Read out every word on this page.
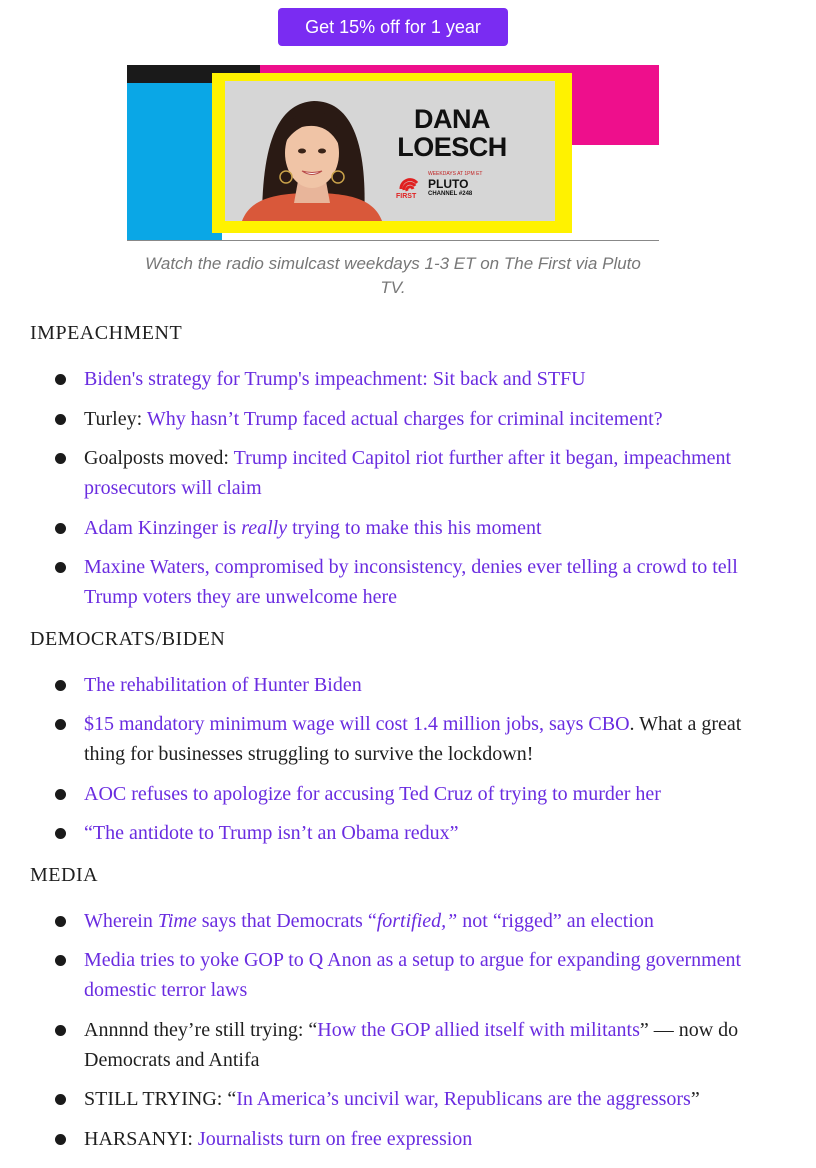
Get 15% off for 1 year
DANA
LOESCH
FIRST
WEEKDAYS AT 1PM ET
PLUTO
CHANNEL #248
Watch the radio simulcast weekdays 1-3 ET on The First via Pluto TV.
IMPEACHMENT
Biden's strategy for Trump's impeachment: Sit back and STFU
Turley: Why hasn’t Trump faced actual charges for criminal incitement?
Goalposts moved: Trump incited Capitol riot further after it began, impeachment prosecutors will claim
Adam Kinzinger is really trying to make this his moment
Maxine Waters, compromised by inconsistency, denies ever telling a crowd to tell Trump voters they are unwelcome here
DEMOCRATS/BIDEN
The rehabilitation of Hunter Biden
$15 mandatory minimum wage will cost 1.4 million jobs, says CBO. What a great thing for businesses struggling to survive the lockdown!
AOC refuses to apologize for accusing Ted Cruz of trying to murder her
“The antidote to Trump isn’t an Obama redux”
MEDIA
Wherein Time says that Democrats “fortified,” not “rigged” an election
Media tries to yoke GOP to Q Anon as a setup to argue for expanding government domestic terror laws
Annnnd they’re still trying: “How the GOP allied itself with militants” — now do Democrats and Antifa
STILL TRYING: “In America’s uncivil war, Republicans are the aggressors”
HARSANYI: Journalists turn on free expression
